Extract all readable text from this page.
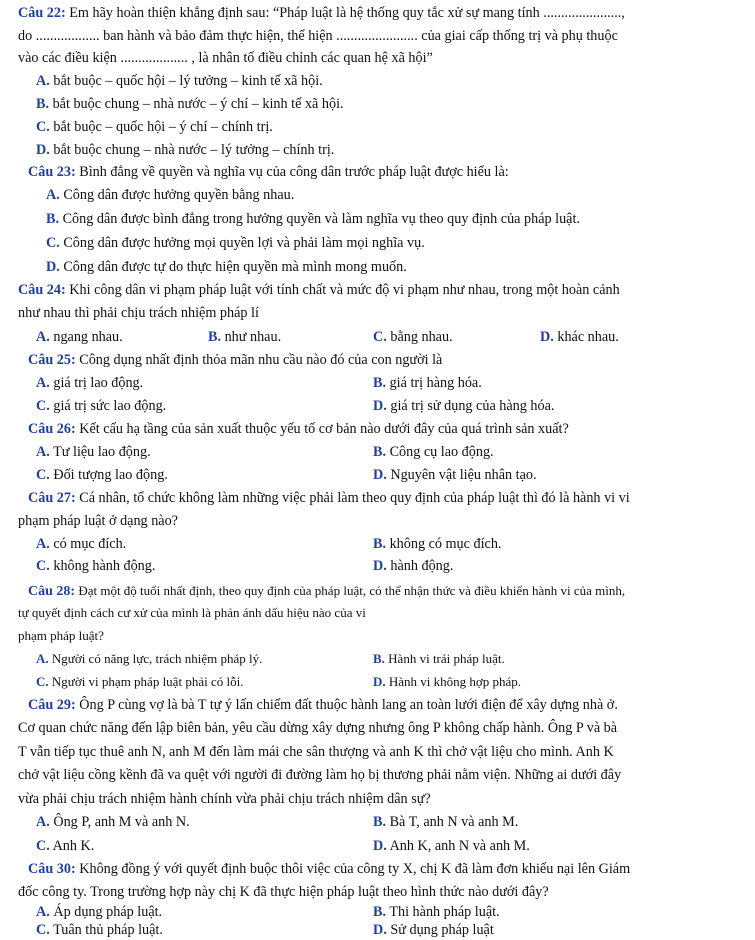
Câu 22: Em hãy hoàn thiện khẳng định sau: “Pháp luật là hệ thống quy tắc xử sự mang tính ......................,
do .................. ban hành và bảo đảm thực hiện, thể hiện ....................... của giai cấp thống trị và phụ thuộc
vào các điều kiện ................... , là nhân tố điều chỉnh các quan hệ xã hội”
A. bắt buộc – quốc hội – lý tưởng – kinh tế xã hội.
B. bắt buộc chung – nhà nước – ý chí – kinh tế xã hội.
C. bắt buộc – quốc hội – ý chí – chính trị.
D. bắt buộc chung – nhà nước – lý tưởng – chính trị.
Câu 23: Bình đẳng về quyền và nghĩa vụ của công dân trước pháp luật được hiểu là:
A. Công dân được hưởng quyền bằng nhau.
B. Công dân được bình đẳng trong hưởng quyền và làm nghĩa vụ theo quy định của pháp luật.
C. Công dân được hưởng mọi quyền lợi và phải làm mọi nghĩa vụ.
D. Công dân được tự do thực hiện quyền mà mình mong muốn.
Câu 24: Khi công dân vi phạm pháp luật với tính chất và mức độ vi phạm như nhau, trong một hoàn cảnh
như nhau thì phải chịu trách nhiệm pháp lí
A. ngang nhau.	B. như nhau.	C. bằng nhau.	D. khác nhau.
Câu 25: Công dụng nhất định thỏa mãn nhu cầu nào đó của con người là
A. giá trị lao động.	B. giá trị hàng hóa.
C. giá trị sức lao động.	D. giá trị sử dụng của hàng hóa.
Câu 26: Kết cấu hạ tầng của sản xuất thuộc yếu tố cơ bản nào dưới đây của quá trình sản xuất?
A. Tư liệu lao động.	B. Công cụ lao động.
C. Đối tượng lao động.	D. Nguyên vật liệu nhân tạo.
Câu 27: Cá nhân, tổ chức không làm những việc phải làm theo quy định của pháp luật thì đó là hành vi vi
phạm pháp luật ở dạng nào?
A. có mục đích.	B. không có mục đích.
C. không hành động.	D. hành động.
Câu 28: Đạt một độ tuổi nhất định, theo quy định của pháp luật, có thể nhận thức và điều khiển hành vi của mình,
tự quyết định cách cư xử của mình là phản ánh dấu hiệu nào của vi
phạm pháp luật?
A. Người có năng lực, trách nhiệm pháp lý.	B. Hành vi trái pháp luật.
C. Người vi phạm pháp luật phải có lỗi.	D. Hành vi không hợp pháp.
Câu 29: Ông P cùng vợ là bà T tự ý lấn chiếm đất thuộc hành lang an toàn lưới điện để xây dựng nhà ở.
Cơ quan chức năng đến lập biên bản, yêu cầu dừng xây dựng nhưng ông P không chấp hành. Ông P và bà
T vẫn tiếp tục thuê anh N, anh M đến làm mái che sân thượng và anh K thì chở vật liệu cho mình. Anh K
chở vật liệu cồng kềnh đã va quệt với người đi đường làm họ bị thương phải nằm viện. Những ai dưới đây
vừa phải chịu trách nhiệm hành chính vừa phải chịu trách nhiệm dân sự?
A. Ông P, anh M và anh N.	B. Bà T, anh N và anh M.
C. Anh K.	D. Anh K, anh N và anh M.
Câu 30: Không đồng ý với quyết định buộc thôi việc của công ty X, chị K đã làm đơn khiếu nại lên Giám
đốc công ty. Trong trường hợp này chị K đã thực hiện pháp luật theo hình thức nào dưới đây?
A. Áp dụng pháp luật.	B. Thi hành pháp luật.
C. Tuân thủ pháp luật.	D. Sử dụng pháp luật
